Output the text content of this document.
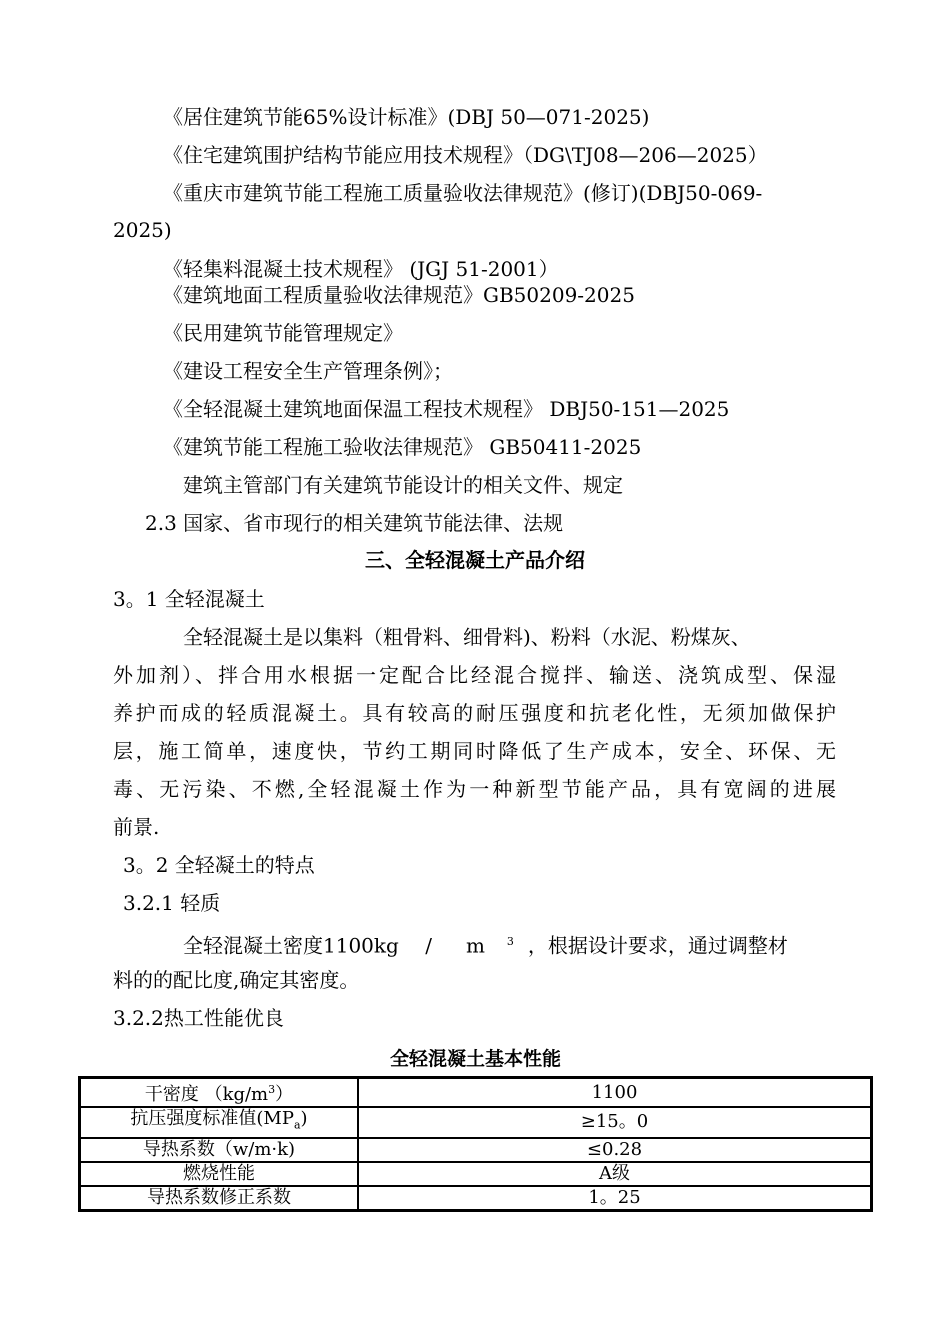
《居住建筑节能65%设计标准》(DBJ 50—071-2025)
《住宅建筑围护结构节能应用技术规程》（DG\TJ08—206—2025）
《重庆市建筑节能工程施工质量验收法律规范》(修订)(DBJ50-069-
2025)
《轻集料混凝土技术规程》 (JGJ 51-2001）
《建筑地面工程质量验收法律规范》GB50209-2025
《民用建筑节能管理规定》
《建设工程安全生产管理条例》；
《全轻混凝土建筑地面保温工程技术规程》 DBJ50-151—2025
《建筑节能工程施工验收法律规范》 GB50411-2025
建筑主管部门有关建筑节能设计的相关文件、规定
2.3 国家、省市现行的相关建筑节能法律、法规
三、全轻混凝土产品介绍
3。1 全轻混凝土
全轻混凝土是以集料（粗骨料、细骨料)、粉料（水泥、粉煤灰、
外加剂）、拌合用水根据一定配合比经混合搅拌、输送、浇筑成型、保湿
养护而成的轻质混凝土。具有较高的耐压强度和抗老化性，无须加做保护
层，施工简单，速度快，节约工期同时降低了生产成本，安全、环保、无
毒、无污染、不燃,全轻混凝土作为一种新型节能产品，具有宽阔的进展
前景.
3。2 全轻凝土的特点
3.2.1 轻质
全轻混凝土密度1100kg / m $^3$ ，根据设计要求，通过调整材
料的的配比度,确定其密度。
3.2.2热工性能优良
全轻混凝土基本性能
干密度 $(kg/m^3)$	1100
抗压强度标准值$(MP_a)$	≥15。0
导热系数（w/m·k)	≤0.28
燃烧性能	A级
导热系数修正系数	1。25
